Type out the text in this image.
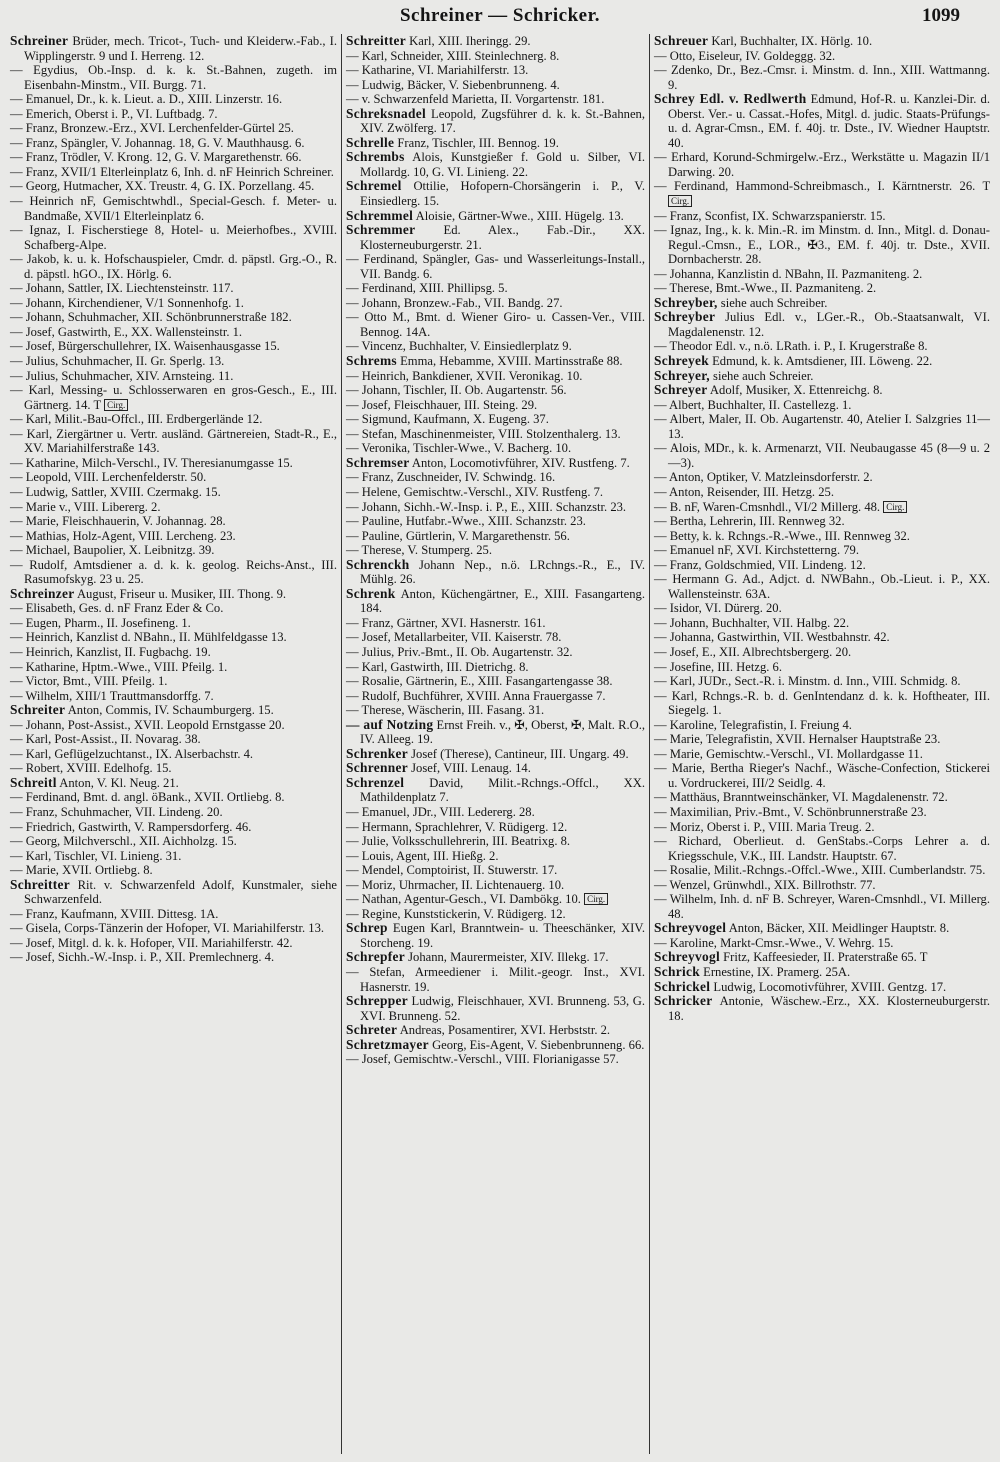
Schreiner — Schricker.	1099
Schreiner Brüder, mech. Tricot-, Tuch- und Kleiderw.-Fab., I. Wipplingerstr. 9 und I. Herreng. 12.
— Egydius, Ob.-Insp. d. k. k. St.-Bahnen, zugeth. im Eisenbahn-Minstm., VII. Burgg. 71.
— Emanuel, Dr., k. k. Lieut. a. D., XIII. Linzerstr. 16.
— Emerich, Oberst i. P., VI. Luftbadg. 7.
— Franz, Bronzew.-Erz., XVI. Lerchenfelder-Gürtel 25.
— Franz, Spängler, V. Johannag. 18, G. V. Mauthhausg. 6.
— Franz, Trödler, V. Krong. 12, G. V. Margarethenstr. 66.
— Franz, XVII/1 Elterleinplatz 6, Inh. d. nF Heinrich Schreiner.
— Georg, Hutmacher, XX. Treustr. 4, G. IX. Porzellang. 45.
— Heinrich nF, Gemischtwhdl., Special-Gesch. f. Meter- u. Bandmaße, XVII/1 Elterleinplatz 6.
— Ignaz, I. Fischerstiege 8, Hotel- u. Meierhofbes., XVIII. Schafberg-Alpe.
— Jakob, k. u. k. Hofschauspieler, Cmdr. d. päpstl. Grg.-O., R. d. päpstl. hGO., IX. Hörlg. 6.
— Johann, Sattler, IX. Liechtensteinstr. 117.
— Johann, Kirchendiener, V/1 Sonnenhofg. 1.
— Johann, Schuhmacher, XII. Schönbrunnerstraße 182.
— Josef, Gastwirth, E., XX. Wallensteinstr. 1.
— Josef, Bürgerschullehrer, IX. Waisenhausgasse 15.
— Julius, Schuhmacher, II. Gr. Sperlg. 13.
— Julius, Schuhmacher, XIV. Arnsteing. 11.
— Karl, Messing- u. Schlosserwaren en gros-Gesch., E., III. Gärtnerg. 14. T Cirg.
— Karl, Milit.-Bau-Offcl., III. Erdbergerlände 12.
— Karl, Ziergärtner u. Vertr. ausländ. Gärtnereien, Stadt-R., E., XV. Mariahilferstraße 143.
— Katharine, Milch-Verschl., IV. Theresianumgasse 15.
— Leopold, VIII. Lerchenfelderstr. 50.
— Ludwig, Sattler, XVIII. Czermakg. 15.
— Marie v., VIII. Libererg. 2.
— Marie, Fleischhauerin, V. Johannag. 28.
— Mathias, Holz-Agent, VIII. Lercheng. 23.
— Michael, Baupolier, X. Leibnitzg. 39.
— Rudolf, Amtsdiener a. d. k. k. geolog. Reichs-Anst., III. Rasumofskyg. 23 u. 25.
Schreinzer August, Friseur u. Musiker, III. Thong. 9.
— Elisabeth, Ges. d. nF Franz Eder & Co.
— Eugen, Pharm., II. Josefineng. 1.
— Heinrich, Kanzlist d. NBahn., II. Mühlfeldgasse 13.
— Heinrich, Kanzlist, II. Fugbachg. 19.
— Katharine, Hptm.-Wwe., VIII. Pfeilg. 1.
— Victor, Bmt., VIII. Pfeilg. 1.
— Wilhelm, XIII/1 Trauttmansdorffg. 7.
Schreiter Anton, Commis, IV. Schaumburgerg. 15.
— Johann, Post-Assist., XVII. Leopold Ernstgasse 20.
— Karl, Post-Assist., II. Novarag. 38.
— Karl, Geflügelzuchtanst., IX. Alserbachstr. 4.
— Robert, XVIII. Edelhofg. 15.
Schreitl Anton, V. Kl. Neug. 21.
— Ferdinand, Bmt. d. angl. öBank., XVII. Ortliebg. 8.
— Franz, Schuhmacher, VII. Lindeng. 20.
— Friedrich, Gastwirth, V. Rampersdorferg. 46.
— Georg, Milchverschl., XII. Aichholzg. 15.
— Karl, Tischler, VI. Linieng. 31.
— Marie, XVII. Ortliebg. 8.
Schreitter Rit. v. Schwarzenfeld Adolf, Kunstmaler, siehe Schwarzenfeld.
— Franz, Kaufmann, XVIII. Dittesg. 1A.
— Gisela, Corps-Tänzerin der Hofoper, VI. Mariahilferstr. 13.
— Josef, Mitgl. d. k. k. Hofoper, VII. Mariahilferstr. 42.
— Josef, Sichh.-W.-Insp. i. P., XII. Premlechnerg. 4.
Schreitter Karl, XIII. Iheringg. 29.
— Karl, Schneider, XIII. Steinlechnerg. 8.
— Katharine, VI. Mariahilferstr. 13.
— Ludwig, Bäcker, V. Siebenbrunneng. 4.
— v. Schwarzenfeld Marietta, II. Vorgartenstr. 181.
Schreksnadel Leopold, Zugsführer d. k. k. St.-Bahnen, XIV. Zwölferg. 17.
Schrelle Franz, Tischler, III. Bennog. 19.
Schrembs Alois, Kunstgießer f. Gold u. Silber, VI. Mollardg. 10, G. VI. Linieng. 22.
Schremel Ottilie, Hofopern-Chorsängerin i. P., V. Einsiedlerg. 15.
Schremmel Aloisie, Gärtner-Wwe., XIII. Hügelg. 13.
Schremmer Ed. Alex., Fab.-Dir., XX. Klosterneuburgerstr. 21.
— Ferdinand, Spängler, Gas- und Wasserleitungs-Install., VII. Bandg. 6.
— Ferdinand, XIII. Phillipsg. 5.
— Johann, Bronzew.-Fab., VII. Bandg. 27.
— Otto M., Bmt. d. Wiener Giro- u. Cassen-Ver., VIII. Bennog. 14A.
— Vincenz, Buchhalter, V. Einsiedlerplatz 9.
Schrems Emma, Hebamme, XVIII. Martinsstraße 88.
— Heinrich, Bankdiener, XVII. Veronikag. 10.
— Johann, Tischler, II. Ob. Augartenstr. 56.
— Josef, Fleischhauer, III. Steing. 29.
— Sigmund, Kaufmann, X. Eugeng. 37.
— Stefan, Maschinenmeister, VIII. Stolzenthalerg. 13.
— Veronika, Tischler-Wwe., V. Bacherg. 10.
Schremser Anton, Locomotivführer, XIV. Rustfeng. 7.
— Franz, Zuschneider, IV. Schwindg. 16.
— Helene, Gemischtw.-Verschl., XIV. Rustfeng. 7.
— Johann, Sichh.-W.-Insp. i. P., E., XIII. Schanzstr. 23.
— Pauline, Hutfabr.-Wwe., XIII. Schanzstr. 23.
— Pauline, Gürtlerin, V. Margarethenstr. 56.
— Therese, V. Stumperg. 25.
Schrenckh Johann Nep., n.ö. LRchngs.-R., E., IV. Mühlg. 26.
Schrenk Anton, Küchengärtner, E., XIII. Fasangarteng. 184.
— Franz, Gärtner, XVI. Hasnerstr. 161.
— Josef, Metallarbeiter, VII. Kaiserstr. 78.
— Julius, Priv.-Bmt., II. Ob. Augartenstr. 32.
— Karl, Gastwirth, III. Dietrichg. 8.
— Rosalie, Gärtnerin, E., XIII. Fasangartengasse 38.
— Rudolf, Buchführer, XVIII. Anna Frauergasse 7.
— Therese, Wäscherin, III. Fasang. 31.
— auf Notzing Ernst Freih. v., ✠, Oberst, ✠, Malt. R.O., IV. Alleeg. 19.
Schrenker Josef (Therese), Cantineur, III. Ungarg. 49.
Schrenner Josef, VIII. Lenaug. 14.
Schrenzel David, Milit.-Rchngs.-Offcl., XX. Mathildenplatz 7.
— Emanuel, JDr., VIII. Ledererg. 28.
— Hermann, Sprachlehrer, V. Rüdigerg. 12.
— Julie, Volksschullehrerin, III. Beatrixg. 8.
— Louis, Agent, III. Hießg. 2.
— Mendel, Comptoirist, II. Stuwerstr. 17.
— Moriz, Uhrmacher, II. Lichtenauerg. 10.
— Nathan, Agentur-Gesch., VI. Dambökg. 10. Cirg.
— Regine, Kunststickerin, V. Rüdigerg. 12.
Schrep Eugen Karl, Branntwein- u. Theeschänker, XIV. Storcheng. 19.
Schrepfer Johann, Maurermeister, XIV. Illekg. 17.
— Stefan, Armeediener i. Milit.-geogr. Inst., XVI. Hasnerstr. 19.
Schrepper Ludwig, Fleischhauer, XVI. Brunneng. 53, G. XVI. Brunneng. 52.
Schreter Andreas, Posamentirer, XVI. Herbststr. 2.
Schretzmayer Georg, Eis-Agent, V. Siebenbrunneng. 66.
— Josef, Gemischtw.-Verschl., VIII. Florianigasse 57.
Schreuer Karl, Buchhalter, IX. Hörlg. 10.
— Otto, Eiseleur, IV. Goldeggg. 32.
— Zdenko, Dr., Bez.-Cmsr. i. Minstm. d. Inn., XIII. Wattmanng. 9.
Schrey Edl. v. Redlwerth Edmund, Hof-R. u. Kanzlei-Dir. d. Oberst. Ver.- u. Cassat.-Hofes, Mitgl. d. judic. Staats-Prüfungs- u. d. Agrar-Cmsn., EM. f. 40j. tr. Dste., IV. Wiedner Hauptstr. 40.
— Erhard, Korund-Schmirgelw.-Erz., Werkstätte u. Magazin II/1 Darwing. 20.
— Ferdinand, Hammond-Schreibmasch., I. Kärntnerstr. 26. T Cirg.
— Franz, Sconfist, IX. Schwarzspanierstr. 15.
— Ignaz, Ing., k. k. Min.-R. im Minstm. d. Inn., Mitgl. d. Donau-Regul.-Cmsn., E., LOR., ✠3., EM. f. 40j. tr. Dste., XVII. Dornbacherstr. 28.
— Johanna, Kanzlistin d. NBahn, II. Pazmaniteng. 2.
— Therese, Bmt.-Wwe., II. Pazmaniteng. 2.
Schreyber, siehe auch Schreiber.
Schreyber Julius Edl. v., LGer.-R., Ob.-Staatsanwalt, VI. Magdalenenstr. 12.
— Theodor Edl. v., n.ö. LRath. i. P., I. Krugerstraße 8.
Schreyek Edmund, k. k. Amtsdiener, III. Löweng. 22.
Schreyer, siehe auch Schreier.
Schreyer Adolf, Musiker, X. Ettenreichg. 8.
— Albert, Buchhalter, II. Castellezg. 1.
— Albert, Maler, II. Ob. Augartenstr. 40, Atelier I. Salzgries 11—13.
— Alois, MDr., k. k. Armenarzt, VII. Neubaugasse 45 (8—9 u. 2—3).
— Anton, Optiker, V. Matzleinsdorferstr. 2.
— Anton, Reisender, III. Hetzg. 25.
— B. nF, Waren-Cmsnhdl., VI/2 Millerg. 48. Cirg.
— Bertha, Lehrerin, III. Rennweg 32.
— Betty, k. k. Rchngs.-R.-Wwe., III. Rennweg 32.
— Emanuel nF, XVI. Kirchstetterng. 79.
— Franz, Goldschmied, VII. Lindeng. 12.
— Hermann G. Ad., Adjct. d. NWBahn., Ob.-Lieut. i. P., XX. Wallensteinstr. 63A.
— Isidor, VI. Dürerg. 20.
— Johann, Buchhalter, VII. Halbg. 22.
— Johanna, Gastwirthin, VII. Westbahnstr. 42.
— Josef, E., XII. Albrechtsbergerg. 20.
— Josefine, III. Hetzg. 6.
— Karl, JUDr., Sect.-R. i. Minstm. d. Inn., VIII. Schmidg. 8.
— Karl, Rchngs.-R. b. d. GenIntendanz d. k. k. Hoftheater, III. Siegelg. 1.
— Karoline, Telegrafistin, I. Freiung 4.
— Marie, Telegrafistin, XVII. Hernalser Hauptstraße 23.
— Marie, Gemischtw.-Verschl., VI. Mollardgasse 11.
— Marie, Bertha Rieger's Nachf., Wäsche-Confection, Stickerei u. Vordruckerei, III/2 Seidlg. 4.
— Matthäus, Branntweinschänker, VI. Magdalenenstr. 72.
— Maximilian, Priv.-Bmt., V. Schönbrunnerstraße 23.
— Moriz, Oberst i. P., VIII. Maria Treug. 2.
— Richard, Oberlieut. d. GenStabs.-Corps Lehrer a. d. Kriegsschule, V.K., III. Landstr. Hauptstr. 67.
— Rosalie, Milit.-Rchngs.-Offcl.-Wwe., XIII. Cumberlandstr. 75.
— Wenzel, Grünwhdl., XIX. Billrothstr. 77.
— Wilhelm, Inh. d. nF B. Schreyer, Waren-Cmsnhdl., VI. Millerg. 48.
Schreyvogel Anton, Bäcker, XII. Meidlinger Hauptstr. 8.
— Karoline, Markt-Cmsr.-Wwe., V. Wehrg. 15.
Schreyvogl Fritz, Kaffeesieder, II. Praterstraße 65. T
Schrick Ernestine, IX. Pramerg. 25A.
Schrickel Ludwig, Locomotivführer, XVIII. Gentzg. 17.
Schricker Antonie, Wäschew.-Erz., XX. Klosterneuburgerstr. 18.
